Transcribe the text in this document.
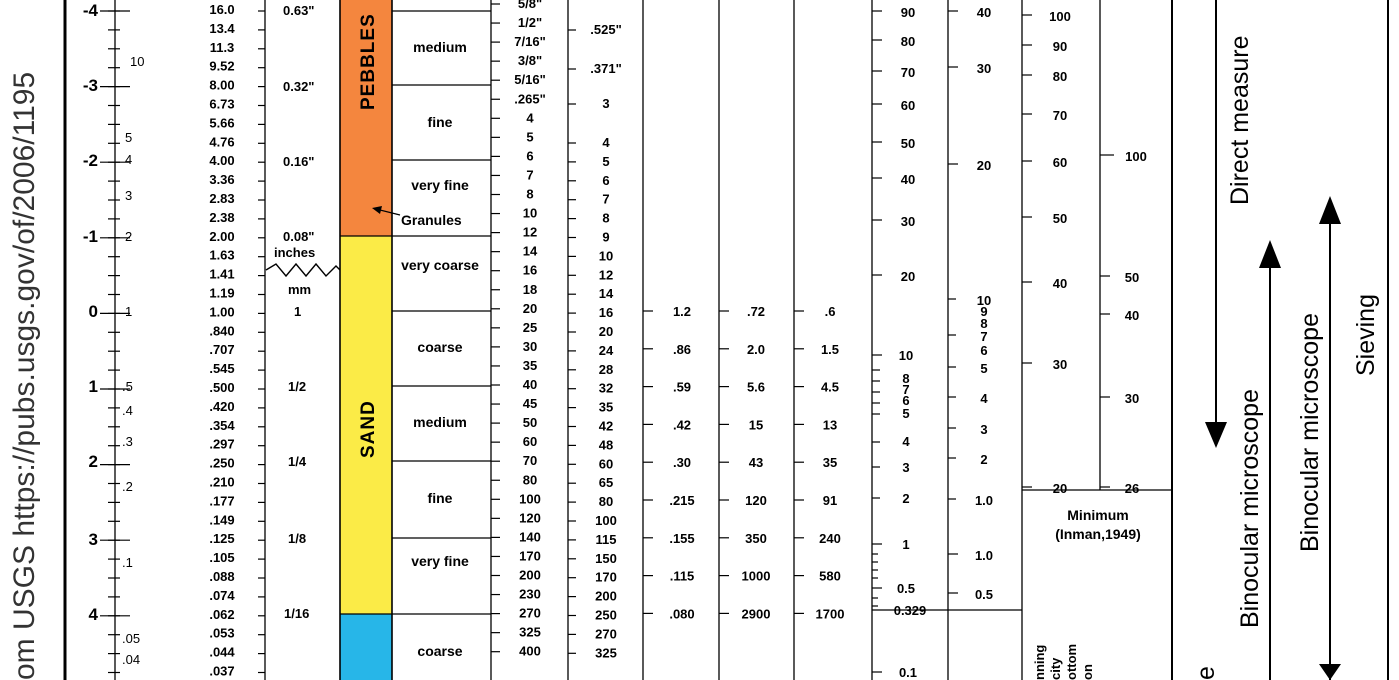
om USGS https://pubs.usgs.gov/of/2006/1195
-4
-3
-2
-1
0
1
2
3
4
10
5
4
3
2
1
.5
.4
.3
.2
.1
.05
.04
16.0
13.4
11.3
9.52
8.00
6.73
5.66
4.76
4.00
3.36
2.83
2.38
2.00
1.63
1.41
1.19
1.00
.840
.707
.545
.500
.420
.354
.297
.250
.210
.177
.149
.125
.105
.088
.074
.062
.053
.044
.037
0.63"
0.32"
0.16"
0.08"
inches
mm
1
1/2
1/4
1/8
1/16
PEBBLES
SAND
Granules
medium
fine
very fine
very coarse
coarse
medium
fine
very fine
coarse
5/8"
1/2"
7/16"
3/8"
5/16"
.265"
4
5
6
7
8
10
12
14
16
18
20
25
30
35
40
45
50
60
70
80
100
120
140
170
200
230
270
325
400
.525"
.371"
3
4
5
6
7
8
9
10
12
14
16
20
24
28
32
35
42
48
60
65
80
100
115
150
170
200
250
270
325
1.2
.86
.59
.42
.30
.215
.155
.115
.080
.72
2.0
5.6
15
43
120
350
1000
2900
.6
1.5
4.5
13
35
91
240
580
1700
90
80
70
60
50
40
30
20
10
8
7
6
5
4
3
2
1
0.5
0.329
0.1
40
30
20
10
9
8
7
6
5
4
3
2
1.0
1.0
0.5
100
90
80
70
60
50
40
30
20
100
50
40
30
26
Minimum
(Inman,1949)
nning city ottom on
Direct measure
Binocular microscope Binocular microscope Sieving
e
